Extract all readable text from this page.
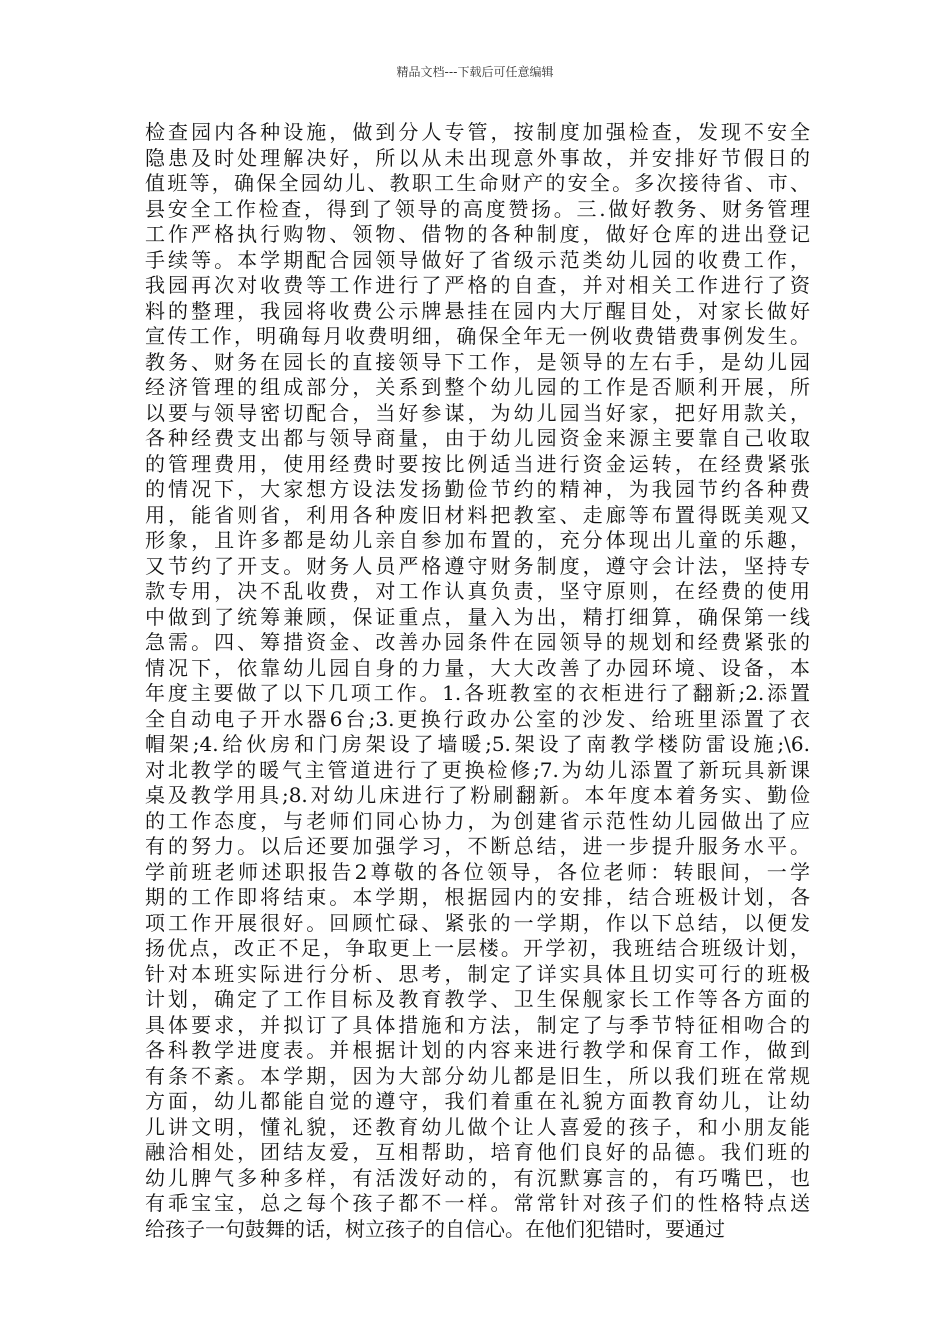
精品文档---下载后可任意编辑
检查园内各种设施，做到分人专管，按制度加强检查，发现不安全
隐患及时处理解决好，所以从未出现意外事故，并安排好节假日的
值班等，确保全园幼儿、教职工生命财产的安全。多次接待省、市、
县安全工作检查，得到了领导的高度赞扬。三.做好教务、财务管理
工作严格执行购物、领物、借物的各种制度，做好仓库的进出登记
手续等。本学期配合园领导做好了省级示范类幼儿园的收费工作，
我园再次对收费等工作进行了严格的自查，并对相关工作进行了资
料的整理，我园将收费公示牌悬挂在园内大厅醒目处，对家长做好
宣传工作，明确每月收费明细，确保全年无一例收费错费事例发生。
教务、财务在园长的直接领导下工作，是领导的左右手，是幼儿园
经济管理的组成部分，关系到整个幼儿园的工作是否顺利开展，所
以要与领导密切配合，当好参谋，为幼儿园当好家，把好用款关，
各种经费支出都与领导商量，由于幼儿园资金来源主要靠自己收取
的管理费用，使用经费时要按比例适当进行资金运转，在经费紧张
的情况下，大家想方设法发扬勤俭节约的精神，为我园节约各种费
用，能省则省，利用各种废旧材料把教室、走廊等布置得既美观又
形象，且许多都是幼儿亲自参加布置的，充分体现出儿童的乐趣，
又节约了开支。财务人员严格遵守财务制度，遵守会计法，坚持专
款专用，决不乱收费，对工作认真负责，坚守原则，在经费的使用
中做到了统筹兼顾，保证重点，量入为出，精打细算，确保第一线
急需。四、筹措资金、改善办园条件在园领导的规划和经费紧张的
情况下，依靠幼儿园自身的力量，大大改善了办园环境、设备，本
年度主要做了以下几项工作。1.各班教室的衣柜进行了翻新;2.添置
全自动电子开水器6台;3.更换行政办公室的沙发、给班里添置了衣
帽架;4.给伙房和门房架设了墙暖;5.架设了南教学楼防雷设施;\6.
对北教学的暖气主管道进行了更换检修;7.为幼儿添置了新玩具新课
桌及教学用具;8.对幼儿床进行了粉刷翻新。本年度本着务实、勤俭
的工作态度，与老师们同心协力，为创建省示范性幼儿园做出了应
有的努力。以后还要加强学习，不断总结，进一步提升服务水平。
学前班老师述职报告2尊敬的各位领导，各位老师：转眼间，一学
期的工作即将结束。本学期，根据园内的安排，结合班极计划，各
项工作开展很好。回顾忙碌、紧张的一学期，作以下总结，以便发
扬优点，改正不足，争取更上一层楼。开学初，我班结合班级计划，
针对本班实际进行分析、思考，制定了详实具体且切实可行的班极
计划，确定了工作目标及教育教学、卫生保舰家长工作等各方面的
具体要求，并拟订了具体措施和方法，制定了与季节特征相吻合的
各科教学进度表。并根据计划的内容来进行教学和保育工作，做到
有条不紊。本学期，因为大部分幼儿都是旧生，所以我们班在常规
方面，幼儿都能自觉的遵守，我们着重在礼貌方面教育幼儿，让幼
儿讲文明，懂礼貌，还教育幼儿做个让人喜爱的孩子，和小朋友能
融洽相处，团结友爱，互相帮助，培育他们良好的品德。我们班的
幼儿脾气多种多样，有活泼好动的，有沉默寡言的，有巧嘴巴，也
有乖宝宝，总之每个孩子都不一样。常常针对孩子们的性格特点送
给孩子一句鼓舞的话，树立孩子的自信心。在他们犯错时，要通过
